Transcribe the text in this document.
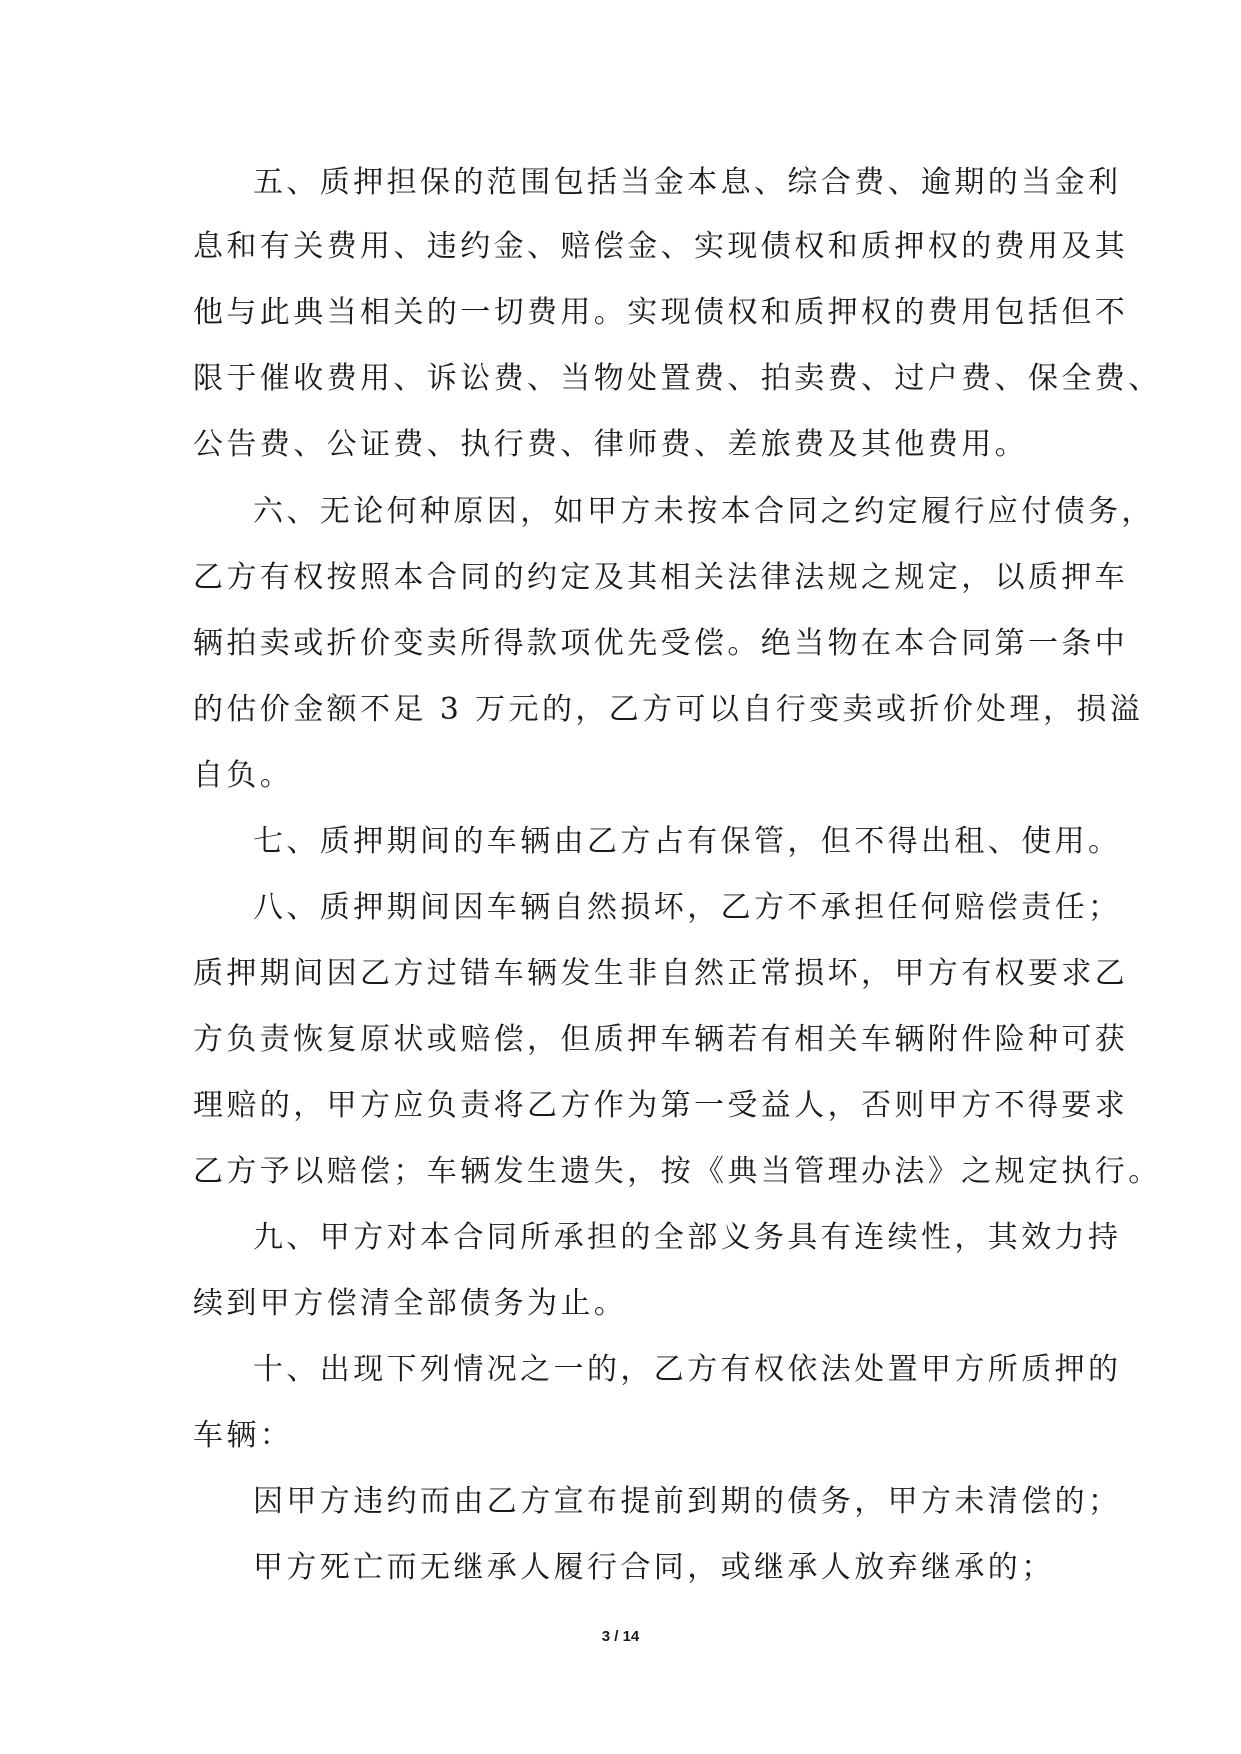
五、质押担保的范围包括当金本息、综合费、逾期的当金利
息和有关费用、违约金、赔偿金、实现债权和质押权的费用及其
他与此典当相关的一切费用。实现债权和质押权的费用包括但不
限于催收费用、诉讼费、当物处置费、拍卖费、过户费、保全费、
公告费、公证费、执行费、律师费、差旅费及其他费用。
六、无论何种原因，如甲方未按本合同之约定履行应付债务，
乙方有权按照本合同的约定及其相关法律法规之规定，以质押车
辆拍卖或折价变卖所得款项优先受偿。绝当物在本合同第一条中
的估价金额不足 3 万元的，乙方可以自行变卖或折价处理，损溢
自负。
七、质押期间的车辆由乙方占有保管，但不得出租、使用。
八、质押期间因车辆自然损坏，乙方不承担任何赔偿责任；
质押期间因乙方过错车辆发生非自然正常损坏，甲方有权要求乙
方负责恢复原状或赔偿，但质押车辆若有相关车辆附件险种可获
理赔的，甲方应负责将乙方作为第一受益人，否则甲方不得要求
乙方予以赔偿；车辆发生遗失，按《典当管理办法》之规定执行。
九、甲方对本合同所承担的全部义务具有连续性，其效力持
续到甲方偿清全部债务为止。
十、出现下列情况之一的，乙方有权依法处置甲方所质押的
车辆：
因甲方违约而由乙方宣布提前到期的债务，甲方未清偿的；
甲方死亡而无继承人履行合同，或继承人放弃继承的；
3 / 14
